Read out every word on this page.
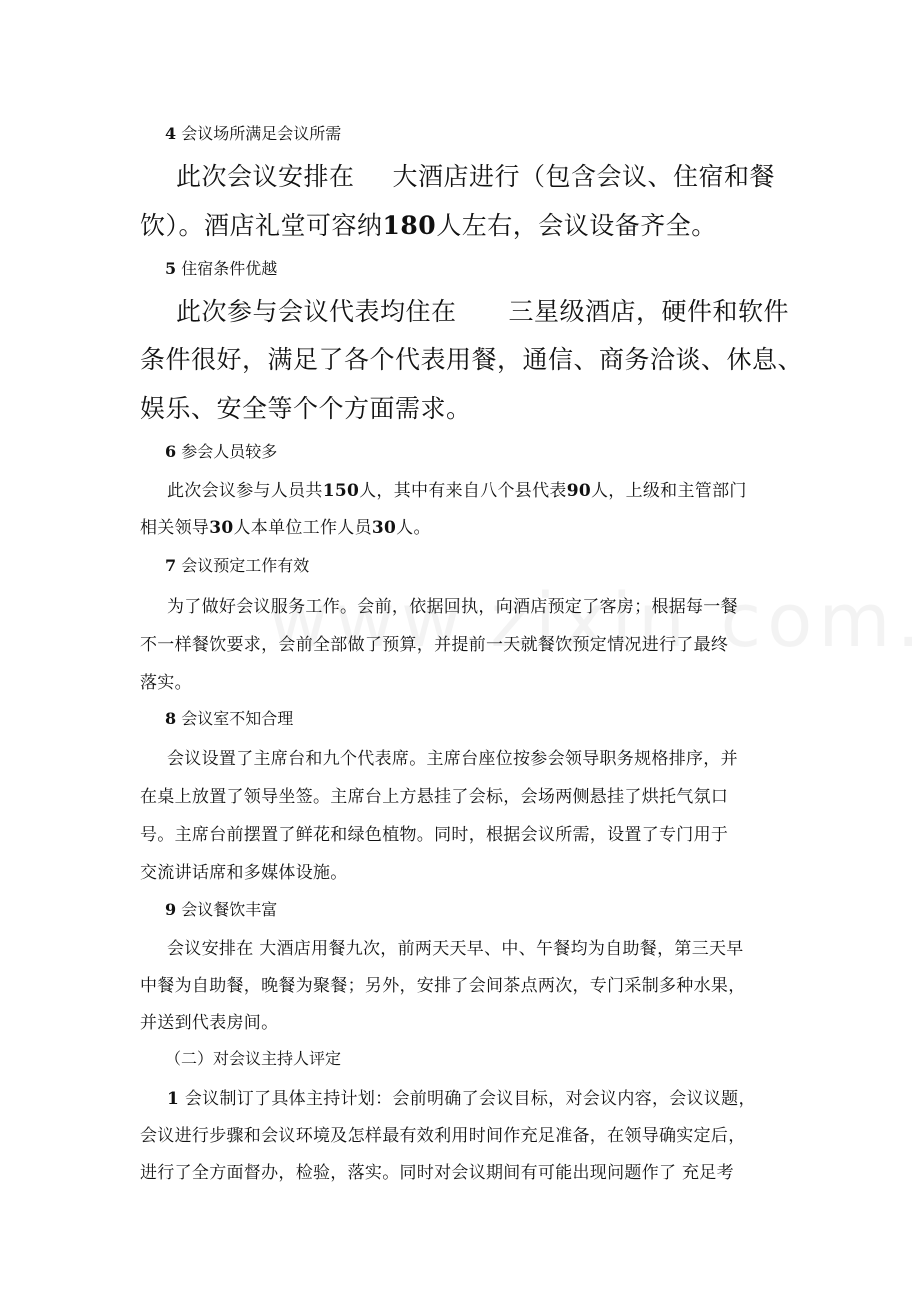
4 会议场所满足会议所需
此次会议安排在 大酒店进行（包含会议、住宿和餐
饮）。酒店礼堂可容纳180人左右，会议设备齐全。
5 住宿条件优越
此次参与会议代表均住在 三星级酒店，硬件和软件
条件很好，满足了各个代表用餐，通信、商务洽谈、休息、
娱乐、安全等个个方面需求。
6 参会人员较多
此次会议参与人员共150人，其中有来自八个县代表90人，上级和主管部门
相关领导30人本单位工作人员30人。
7 会议预定工作有效
为了做好会议服务工作。会前，依据回执，向酒店预定了客房；根据每一餐
不一样餐饮要求，会前全部做了预算，并提前一天就餐饮预定情况进行了最终
落实。
8 会议室不知合理
会议设置了主席台和九个代表席。主席台座位按参会领导职务规格排序，并
在桌上放置了领导坐签。主席台上方悬挂了会标，会场两侧悬挂了烘托气氛口
号。主席台前摆置了鲜花和绿色植物。同时，根据会议所需，设置了专门用于
交流讲话席和多媒体设施。
9 会议餐饮丰富
会议安排在 大酒店用餐九次，前两天天早、中、午餐均为自助餐，第三天早
中餐为自助餐，晚餐为聚餐；另外，安排了会间茶点两次，专门采制多种水果，
并送到代表房间。
（二）对会议主持人评定
1 会议制订了具体主持计划：会前明确了会议目标，对会议内容，会议议题，
会议进行步骤和会议环境及怎样最有效利用时间作充足准备，在领导确实定后，
进行了全方面督办，检验，落实。同时对会议期间有可能出现问题作了 充足考
